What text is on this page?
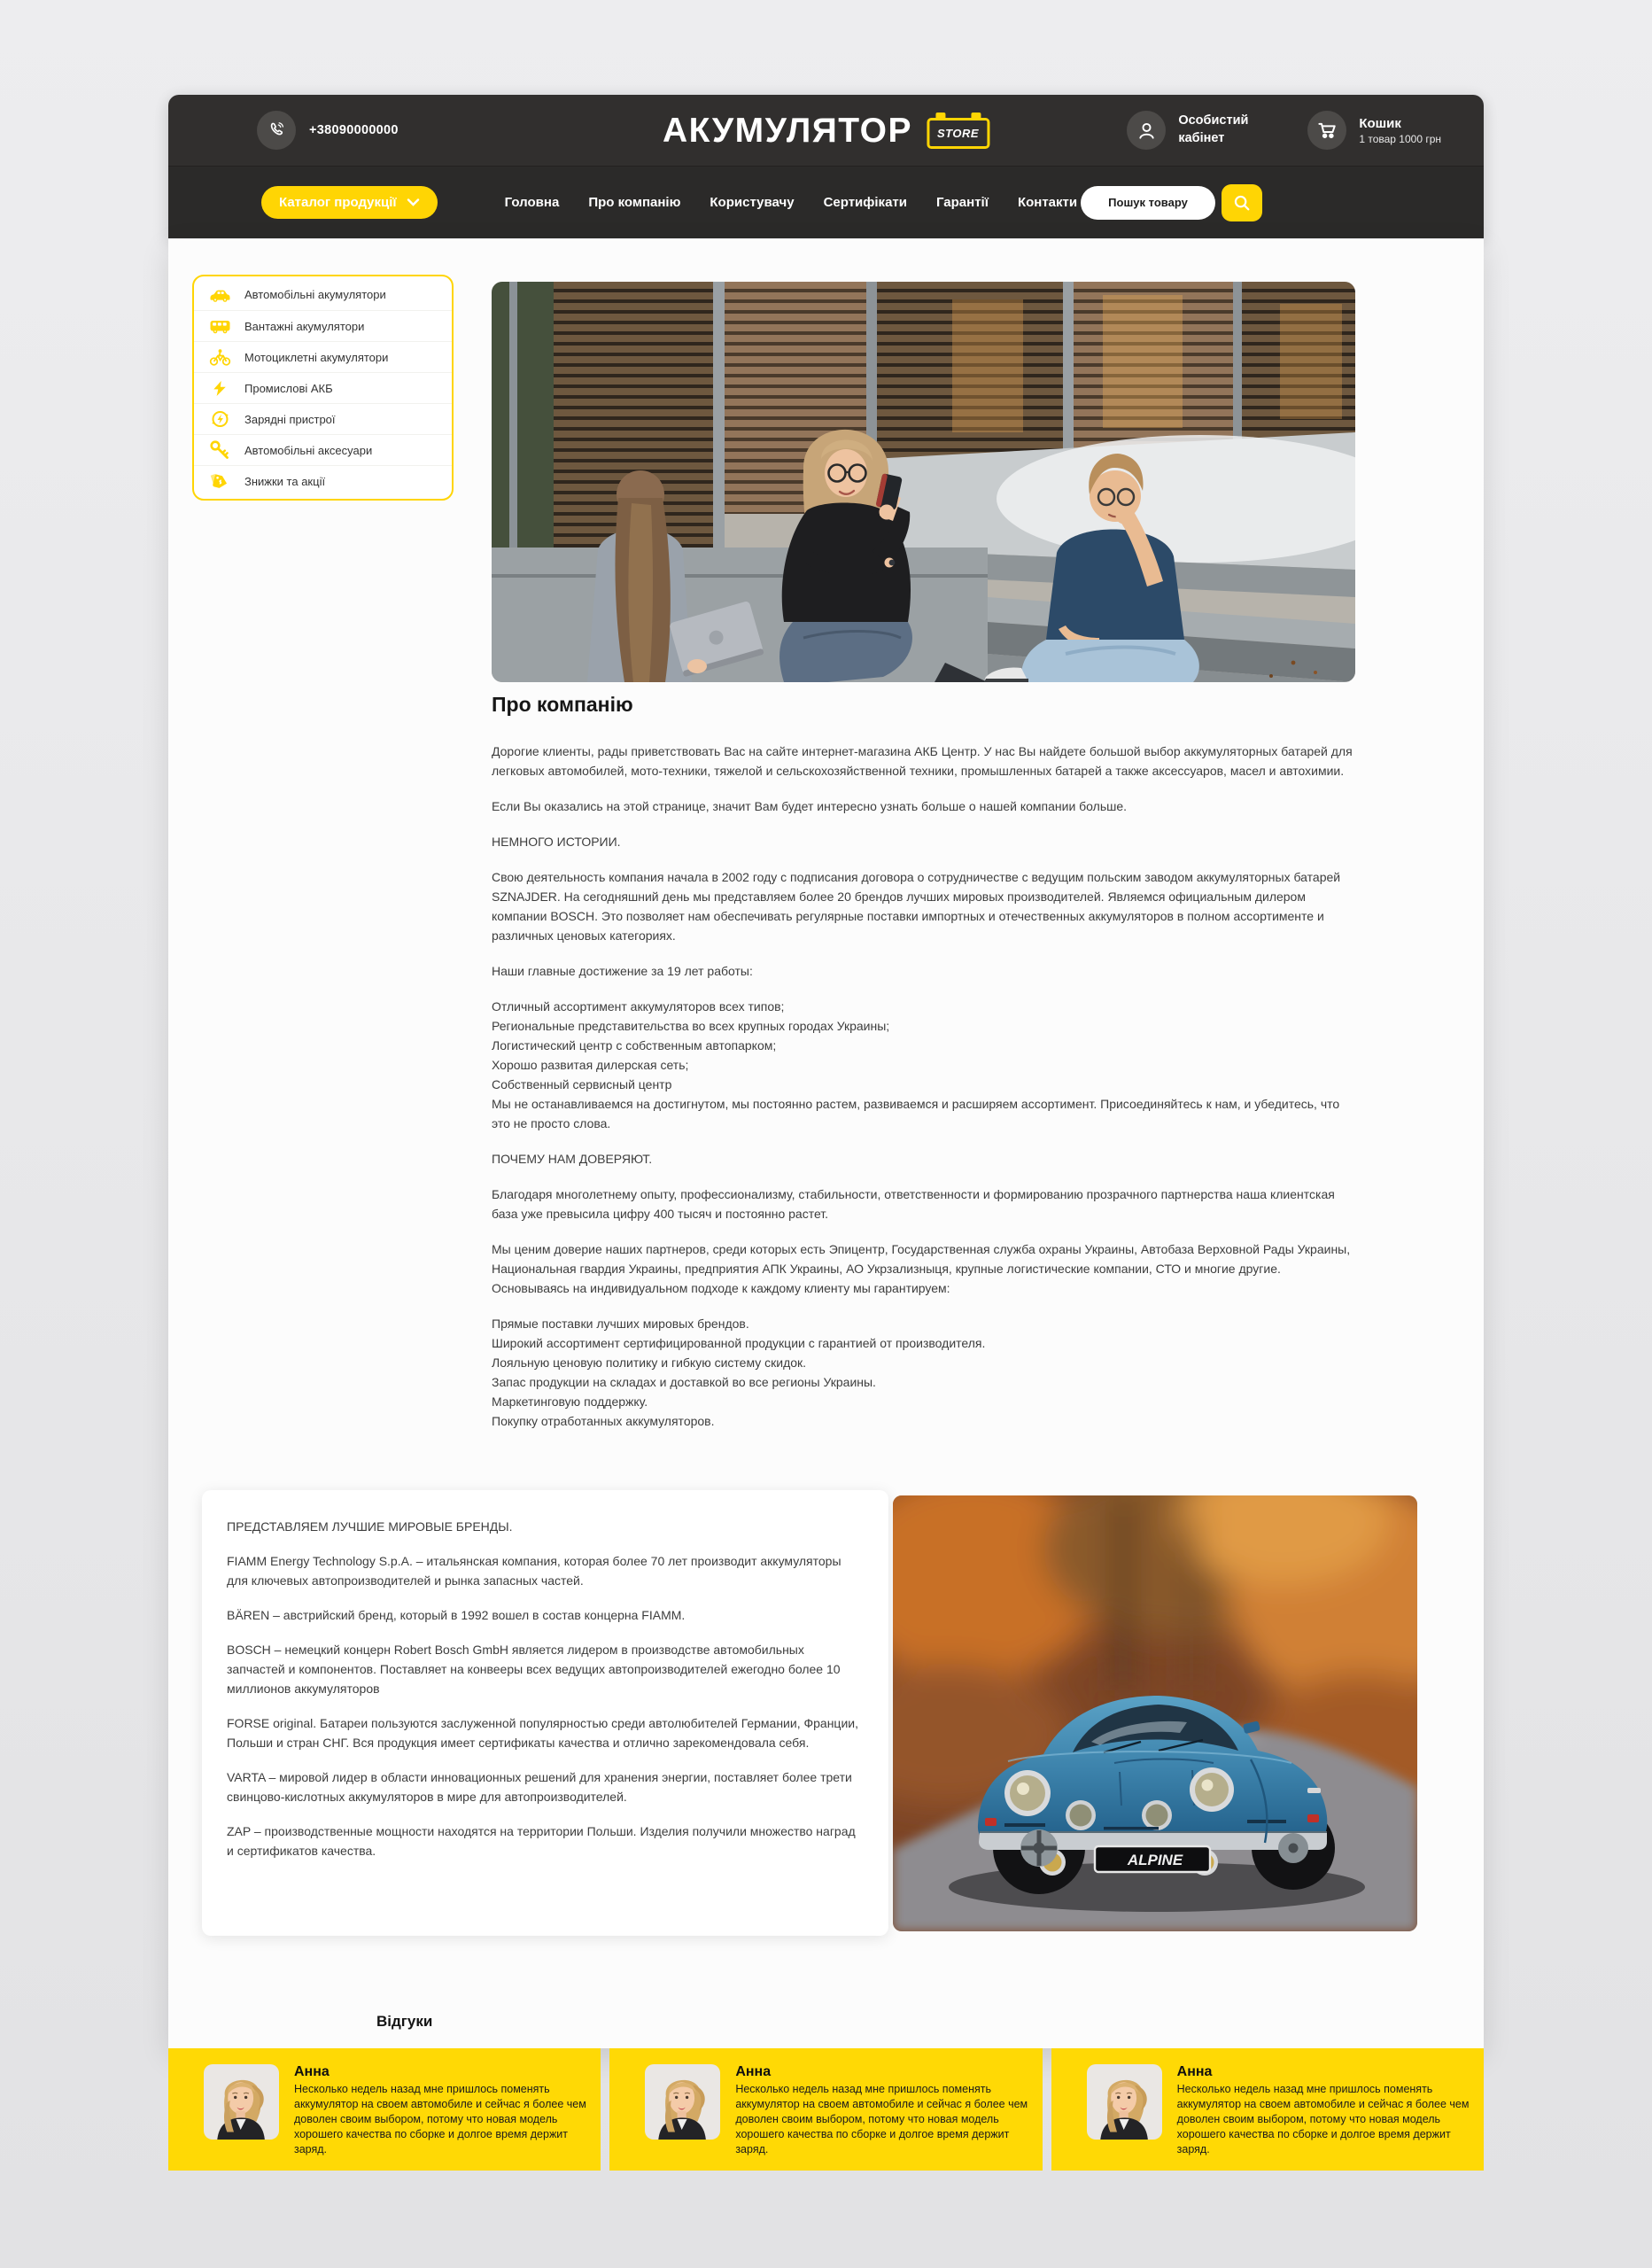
+38090000000	АКУМУЛЯТОР	STORE
Особистий кабінет
Кошик
1 товар 1000 грн
Каталог продукції	Головна Про компанію Користувачу Сертифікати Гарантії Контакти
Пошук товару
Автомобільні акумулятори
Вантажні акумулятори
Мотоциклетні акумулятори
Промислові АКБ
Зарядні пристрої
Автомобільні аксесуари
Знижки та акції
Про компанію

Дорогие клиенты, рады приветствовать Вас на сайте интернет-магазина АКБ Центр. У нас Вы найдете большой выбор аккумуляторных батарей для легковых автомобилей, мото-техники, тяжелой и сельскохозяйственной техники, промышленных батарей а также аксессуаров, масел и автохимии.

Если Вы оказались на этой странице, значит Вам будет интересно узнать больше о нашей компании больше.

НЕМНОГО ИСТОРИИ.

Свою деятельность компания начала в 2002 году с подписания договора о сотрудничестве с ведущим польским заводом аккумуляторных батарей SZNAJDER. На сегодняшний день мы представляем более 20 брендов лучших мировых производителей. Являемся официальным дилером компании BOSCH. Это позволяет нам обеспечивать регулярные поставки импортных и отечественных аккумуляторов в полном ассортименте и различных ценовых категориях.

Наши главные достижение за 19 лет работы:

Отличный ассортимент аккумуляторов всех типов;
Региональные представительства во всех крупных городах Украины;
Логистический центр с собственным автопарком;
Хорошо развитая дилерская сеть;
Собственный сервисный центр
Мы не останавливаемся на достигнутом, мы постоянно растем, развиваемся и расширяем ассортимент. Присоединяйтесь к нам, и убедитесь, что это не просто слова.

ПОЧЕМУ НАМ ДОВЕРЯЮТ.

Благодаря многолетнему опыту, профессионализму, стабильности, ответственности и формированию прозрачного партнерства наша клиентская база уже превысила цифру 400 тысяч и постоянно растет.

Мы ценим доверие наших партнеров, среди которых есть Эпицентр, Государственная служба охраны Украины, Автобаза Верховной Рады Украины, Национальная гвардия Украины, предприятия АПК Украины, АО Укрзализныця, крупные логистические компании, СТО и многие другие. Основываясь на индивидуальном подходе к каждому клиенту мы гарантируем:

Прямые поставки лучших мировых брендов.
Широкий ассортимент сертифицированной продукции с гарантией от производителя.
Лояльную ценовую политику и гибкую систему скидок.
Запас продукции на складах и доставкой во все регионы Украины.
Маркетинговую поддержку.
Покупку отработанных аккумуляторов.

ПРЕДСТАВЛЯЕМ ЛУЧШИЕ МИРОВЫЕ БРЕНДЫ.

FIAMM Energy Technology S.p.A. – итальянская компания, которая более 70 лет производит аккумуляторы для ключевых автопроизводителей и рынка запасных частей.

BÄREN – австрийский бренд, который в 1992 вошел в состав концерна FIAMM.

BOSCH – немецкий концерн Robert Bosch GmbH является лидером в производстве автомобильных запчастей и компонентов. Поставляет на конвееры всех ведущих автопроизводителей ежегодно более 10 миллионов аккумуляторов

FORSE original. Батареи пользуются заслуженной популярностью среди автолюбителей Германии, Франции, Польши и стран СНГ. Вся продукция имеет сертификаты качества и отлично зарекомендовала себя.

VARTA – мировой лидер в области инновационных решений для хранения энергии, поставляет более трети свинцово-кислотных аккумуляторов в мире для автопроизводителей.

ZAP – производственные мощности находятся на территории Польши. Изделия получили множество наград и сертификатов качества.

ALPINE
Відгуки
Анна
Несколько недель назад мне пришлось поменять аккумулятор на своем автомобиле и сейчас я более чем доволен своим выбором, потому что новая модель хорошего качества по сборке и долгое время держит заряд.
Анна
Несколько недель назад мне пришлось поменять аккумулятор на своем автомобиле и сейчас я более чем доволен своим выбором, потому что новая модель хорошего качества по сборке и долгое время держит заряд.
Анна
Несколько недель назад мне пришлось поменять аккумулятор на своем автомобиле и сейчас я более чем доволен своим выбором, потому что новая модель хорошего качества по сборке и долгое время держит заряд.
